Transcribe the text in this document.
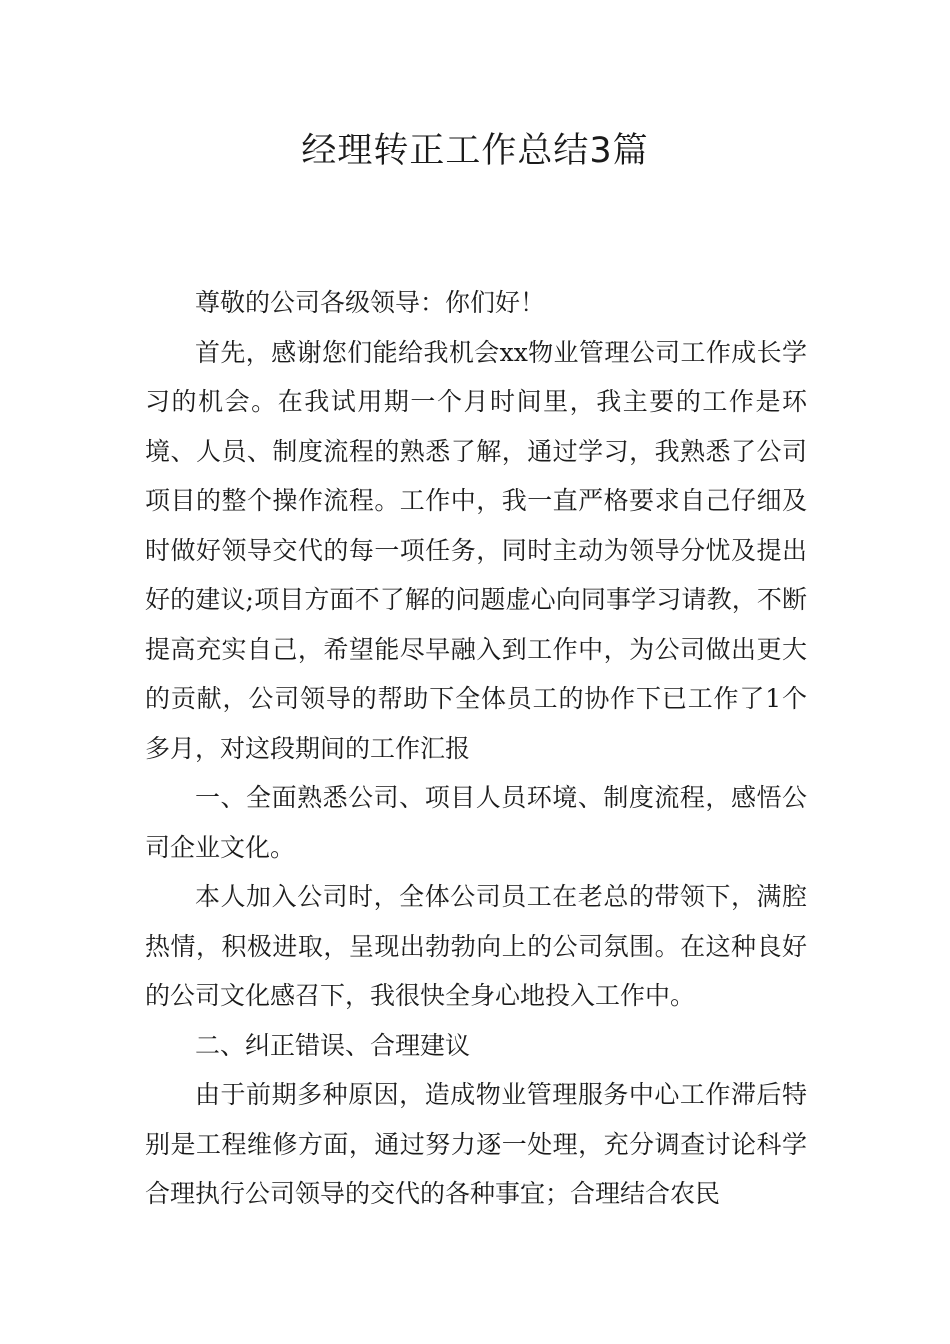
经理转正工作总结3篇

尊敬的公司各级领导：你们好！

首先，感谢您们能给我机会xx物业管理公司工作成长学习的机会。在我试用期一个月时间里，我主要的工作是环境、人员、制度流程的熟悉了解，通过学习，我熟悉了公司项目的整个操作流程。工作中，我一直严格要求自己仔细及时做好领导交代的每一项任务，同时主动为领导分忧及提出好的建议;项目方面不了解的问题虚心向同事学习请教，不断提高充实自己，希望能尽早融入到工作中，为公司做出更大的贡献，公司领导的帮助下全体员工的协作下已工作了1个多月，对这段期间的工作汇报

一、全面熟悉公司、项目人员环境、制度流程，感悟公司企业文化。

本人加入公司时，全体公司员工在老总的带领下，满腔热情，积极进取，呈现出勃勃向上的公司氛围。在这种良好的公司文化感召下，我很快全身心地投入工作中。

二、纠正错误、合理建议

由于前期多种原因，造成物业管理服务中心工作滞后特别是工程维修方面，通过努力逐一处理，充分调查讨论科学合理执行公司领导的交代的各种事宜；合理结合农民
